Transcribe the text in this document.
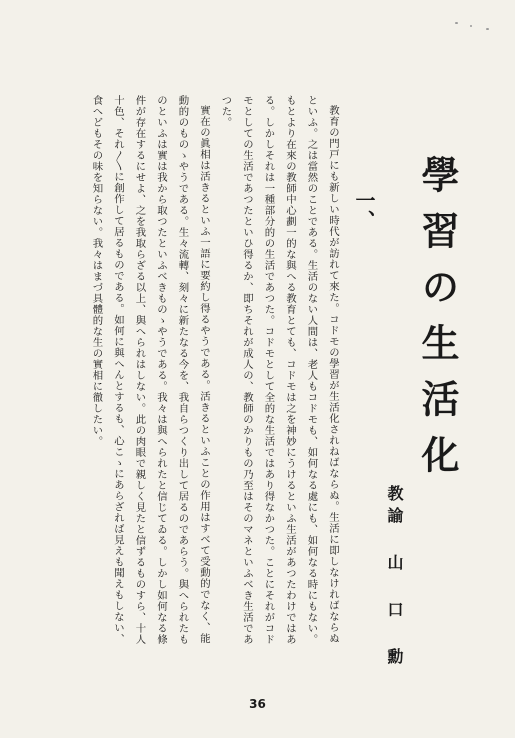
學習の生活化
教諭 山 口 勳
一、

教育の門戸にも新しい時代が訪れて來た。コドモの學習が生活化されねばならぬ。生活に即しなければならぬといふ。之は當然のことである。生活のない人間は、老人もコドモも、如何なる處にも、如何なる時にもない。もとより在來の教師中心劃一的な與へる教育とても、コドモは之を神妙にうけるといふ生活があつたわけではある。しかしそれは一種部分的の生活であつた。コドモとして全的な生活ではあり得なかつた。ことにそれがコドモとしての生活であつたといひ得るか、即ちそれが成人の、教師のかりもの乃至はそのマネといふべき生活であつた。

實在の眞相は活きるといふ一語に要約し得るやうである。活きるといふことの作用はすべて受動的でなく、能動的のものゝやうである。生々流轉、刻々に新たなる今を、我自らつくり出して居るのであらう。與へられたものといふは實は我から取つたといふべきものゝやうである。我々は與へられたと信じてゐる。しかし如何なる條件が存在するにせよ、之を我取らざる以上、與へられはしない。此の肉眼で親しく見たと信ずるものすら、十人十色、それ〳〵に創作して居るものである。如何に與へんとするも、心こゝにあらざれば見えも聞えもしない、食へどもその味を知らない。我々はまづ具體的な生の實相に徹したい。

36
